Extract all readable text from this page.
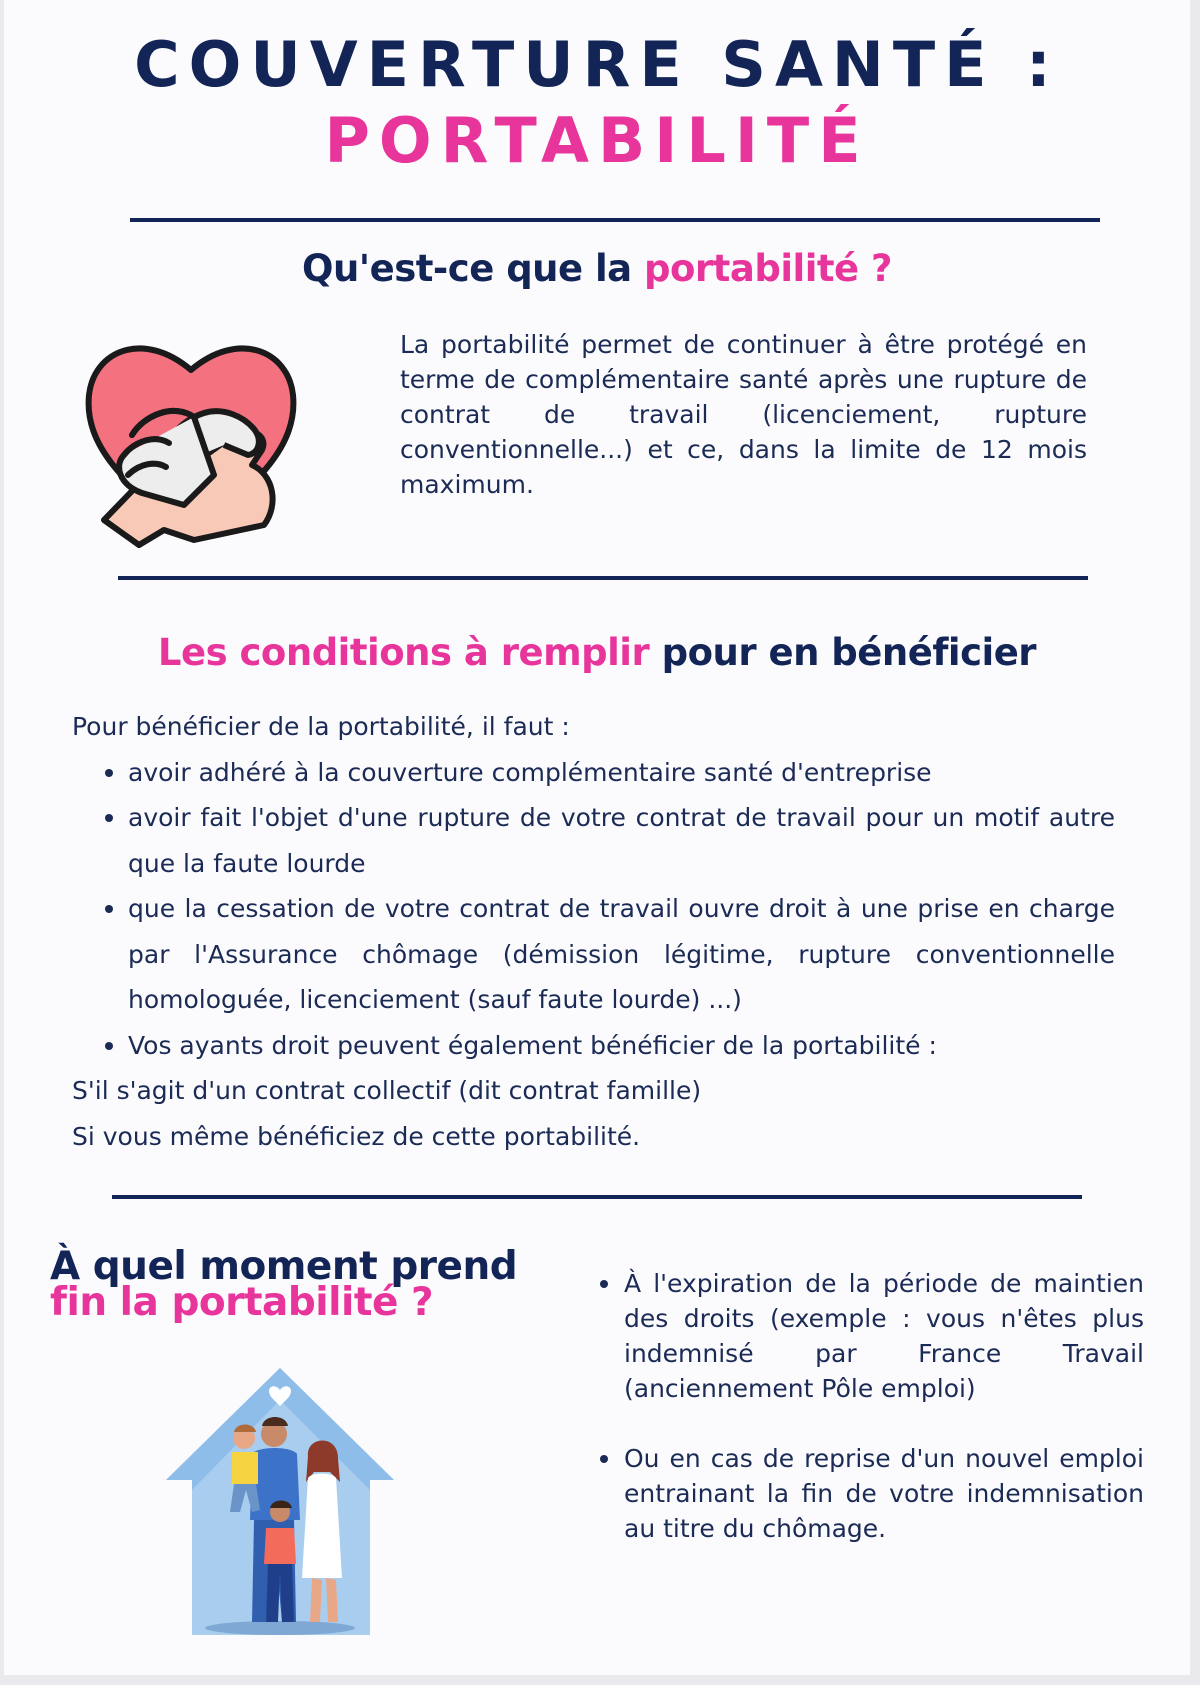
COUVERTURE SANTÉ :
PORTABILITÉ
Qu'est-ce que la portabilité ?
La portabilité permet de continuer à être protégé en terme de complémentaire santé après une rupture de contrat de travail (licenciement, rupture conventionnelle...) et ce, dans la limite de 12 mois maximum.
Les conditions à remplir pour en bénéficier
Pour bénéficier de la portabilité, il faut :
avoir adhéré à la couverture complémentaire santé d'entreprise
avoir fait l'objet d'une rupture de votre contrat de travail pour un motif autre que la faute lourde
que la cessation de votre contrat de travail ouvre droit à une prise en charge par l'Assurance chômage (démission légitime, rupture conventionnelle homologuée, licenciement (sauf faute lourde) ...)
Vos ayants droit peuvent également bénéficier de la portabilité :
S'il s'agit d'un contrat collectif (dit contrat famille)
Si vous même bénéficiez de cette portabilité.
À quel moment prend
fin la portabilité ?	À l'expiration de la période de maintien des droits (exemple : vous n'êtes plus indemnisé par France Travail (anciennement Pôle emploi)
Ou en cas de reprise d'un nouvel emploi entrainant la fin de votre indemnisation au titre du chômage.
